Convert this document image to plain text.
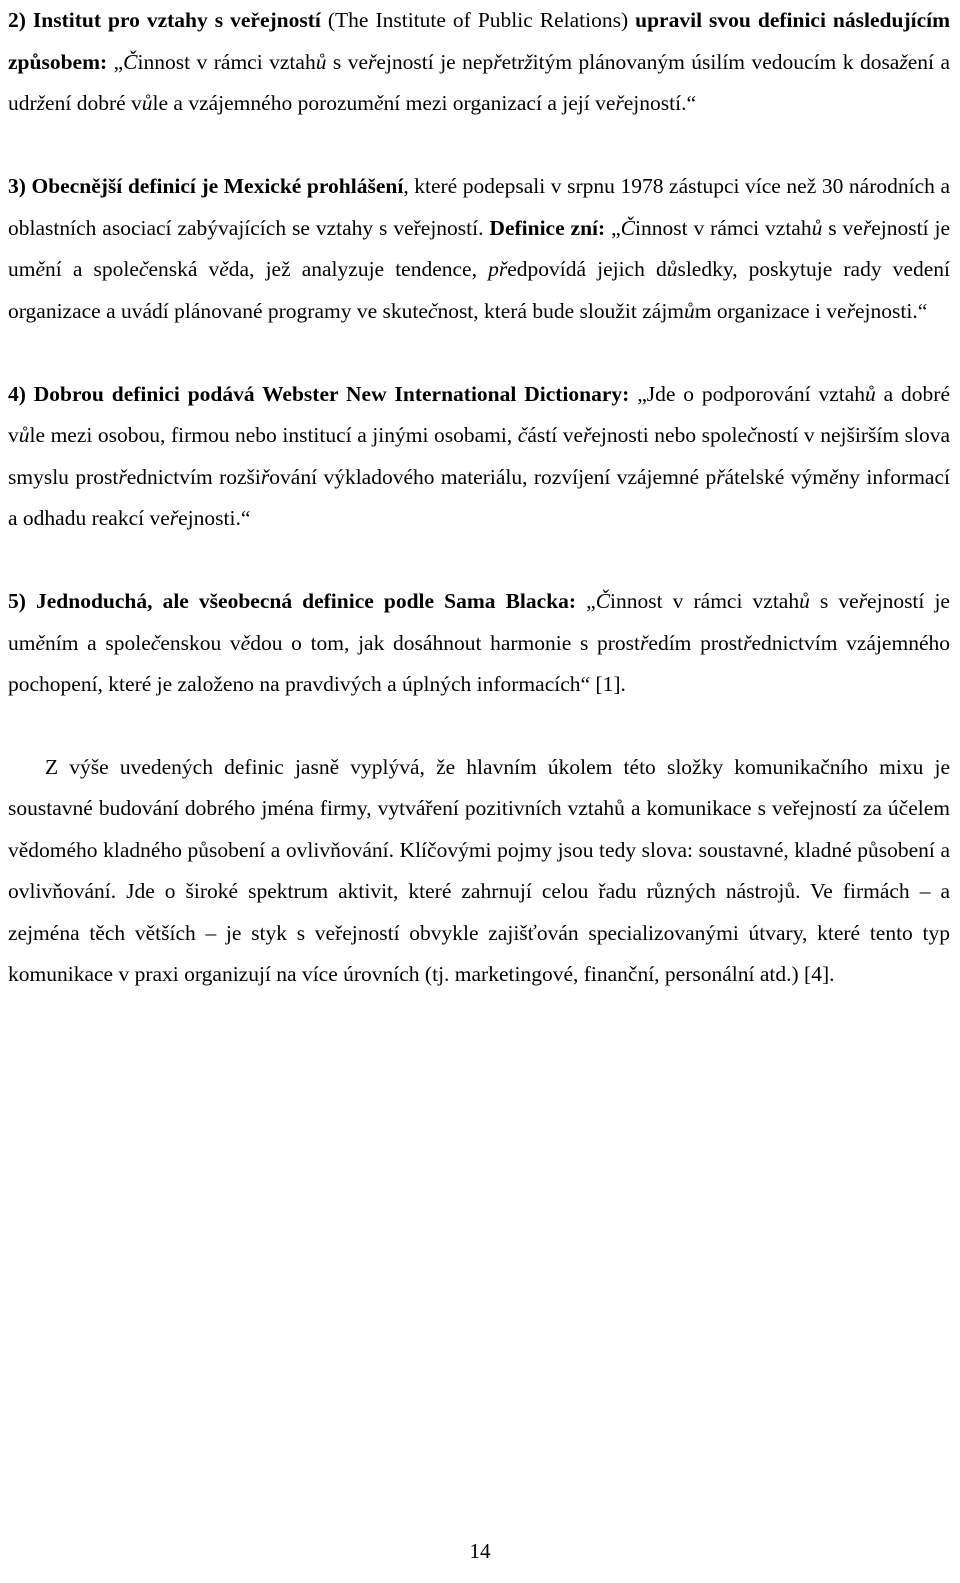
2) Institut pro vztahy s veřejností (The Institute of Public Relations) upravil svou definici následujícím způsobem: „Činnost v rámci vztahů s veřejností je nepřetržitým plánovaným úsilím vedoucím k dosažení a udržení dobré vůle a vzájemného porozumění mezi organizací a její veřejností.“

3) Obecnější definicí je Mexické prohlášení, které podepsali v srpnu 1978 zástupci více než 30 národních a oblastních asociací zabývajících se vztahy s veřejností. Definice zní: „Činnost v rámci vztahů s veřejností je umění a společenská věda, jež analyzuje tendence, předpovídá jejich důsledky, poskytuje rady vedení organizace a uvádí plánované programy ve skutečnost, která bude sloužit zájmům organizace i veřejnosti.“

4) Dobrou definici podává Webster New International Dictionary: „Jde o podporování vztahů a dobré vůle mezi osobou, firmou nebo institucí a jinými osobami, částí veřejnosti nebo společností v nejširším slova smyslu prostřednictvím rozšiřování výkladového materiálu, rozvíjení vzájemné přátelské výměny informací a odhadu reakcí veřejnosti.“

5) Jednoduchá, ale všeobecná definice podle Sama Blacka: „Činnost v rámci vztahů s veřejností je uměním a společenskou vědou o tom, jak dosáhnout harmonie s prostředím prostřednictvím vzájemného pochopení, které je založeno na pravdivých a úplných informacích“ [1].

Z výše uvedených definic jasně vyplývá, že hlavním úkolem této složky komunikačního mixu je soustavné budování dobrého jména firmy, vytváření pozitivních vztahů a komunikace s veřejností za účelem vědomého kladného působení a ovlivňování. Klíčovými pojmy jsou tedy slova: soustavné, kladné působení a ovlivňování. Jde o široké spektrum aktivit, které zahrnují celou řadu různých nástrojů. Ve firmách – a zejména těch větších – je styk s veřejností obvykle zajišťován specializovanými útvary, které tento typ komunikace v praxi organizují na více úrovních (tj. marketingové, finanční, personální atd.) [4].

14
